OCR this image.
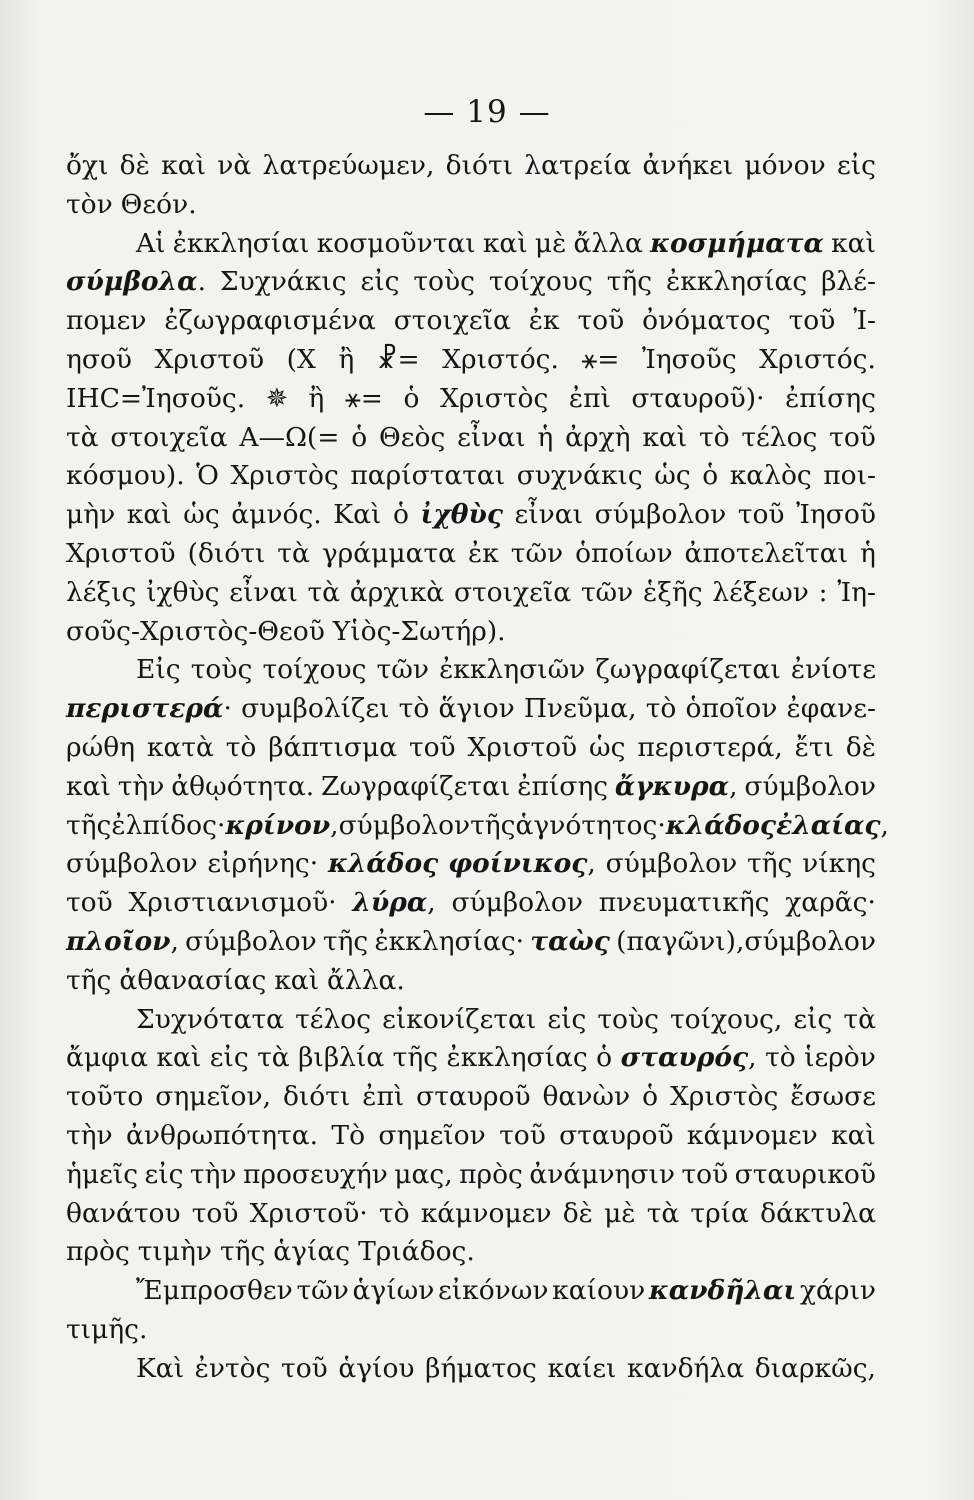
— 19 —
ὄχι δὲ καὶ νὰ λατρεύωμεν, διότι λατρεία ἀνήκει μόνον εἰς
τὸν Θεόν.
Αἱ ἐκκλησίαι κοσμοῦνται καὶ μὲ ἄλλα κοσμήματα καὶ
σύμβολα. Συχνάκις εἰς τοὺς τοίχους τῆς ἐκκλησίας βλέ-
πομεν ἐζωγραφισμένα στοιχεῖα ἐκ τοῦ ὀνόματος τοῦ Ἰ-
ησοῦ Χριστοῦ (Χ ἢ ☧= Χριστός. ⚹= Ἰησοῦς Χριστός.
ΙΗC=Ἰησοῦς. ✵ ἢ ⚹= ὁ Χριστὸς ἐπὶ σταυροῦ)· ἐπίσης
τὰ στοιχεῖα Α—Ω(= ὁ Θεὸς εἶναι ἡ ἀρχὴ καὶ τὸ τέλος τοῦ
κόσμου). Ὁ Χριστὸς παρίσταται συχνάκις ὡς ὁ καλὸς ποι-
μὴν καὶ ὡς ἀμνός. Καὶ ὁ ἰχθὺς εἶναι σύμβολον τοῦ Ἰησοῦ
Χριστοῦ (διότι τὰ γράμματα ἐκ τῶν ὁποίων ἀποτελεῖται ἡ
λέξις ἰχθὺς εἶναι τὰ ἀρχικὰ στοιχεῖα τῶν ἑξῆς λέξεων : Ἰη-
σοῦς-Χριστὸς-Θεοῦ Υἱὸς-Σωτήρ).
Εἰς τοὺς τοίχους τῶν ἐκκλησιῶν ζωγραφίζεται ἐνίοτε
περιστερά· συμβολίζει τὸ ἅγιον Πνεῦμα, τὸ ὁποῖον ἐφανε-
ρώθη κατὰ τὸ βάπτισμα τοῦ Χριστοῦ ὡς περιστερά, ἔτι δὲ
καὶ τὴν ἀθῳότητα. Ζωγραφίζεται ἐπίσης ἄγκυρα, σύμβολον
τῆς ἐλπίδος·κρίνον,σύμβολον τῆς ἁγνότητος·κλάδος ἐλαίας,
σύμβολον εἰρήνης· κλάδος φοίνικος, σύμβολον τῆς νίκης
τοῦ Χριστιανισμοῦ· λύρα, σύμβολον πνευματικῆς χαρᾶς·
πλοῖον, σύμβολον τῆς ἐκκλησίας· ταὼς (παγῶνι),σύμβολον
τῆς ἀθανασίας καὶ ἄλλα.
Συχνότατα τέλος εἰκονίζεται εἰς τοὺς τοίχους, εἰς τὰ
ἄμφια καὶ εἰς τὰ βιβλία τῆς ἐκκλησίας ὁ σταυρός, τὸ ἱερὸν
τοῦτο σημεῖον, διότι ἐπὶ σταυροῦ θανὼν ὁ Χριστὸς ἔσωσε
τὴν ἀνθρωπότητα. Τὸ σημεῖον τοῦ σταυροῦ κάμνομεν καὶ
ἡμεῖς εἰς τὴν προσευχήν μας, πρὸς ἀνάμνησιν τοῦ σταυρικοῦ
θανάτου τοῦ Χριστοῦ· τὸ κάμνομεν δὲ μὲ τὰ τρία δάκτυλα
πρὸς τιμὴν τῆς ἁγίας Τριάδος.
Ἔμπροσθεν τῶν ἁγίων εἰκόνων καίουν κανδῆλαι χάριν
τιμῆς.
Καὶ ἐντὸς τοῦ ἁγίου βήματος καίει κανδήλα διαρκῶς,
